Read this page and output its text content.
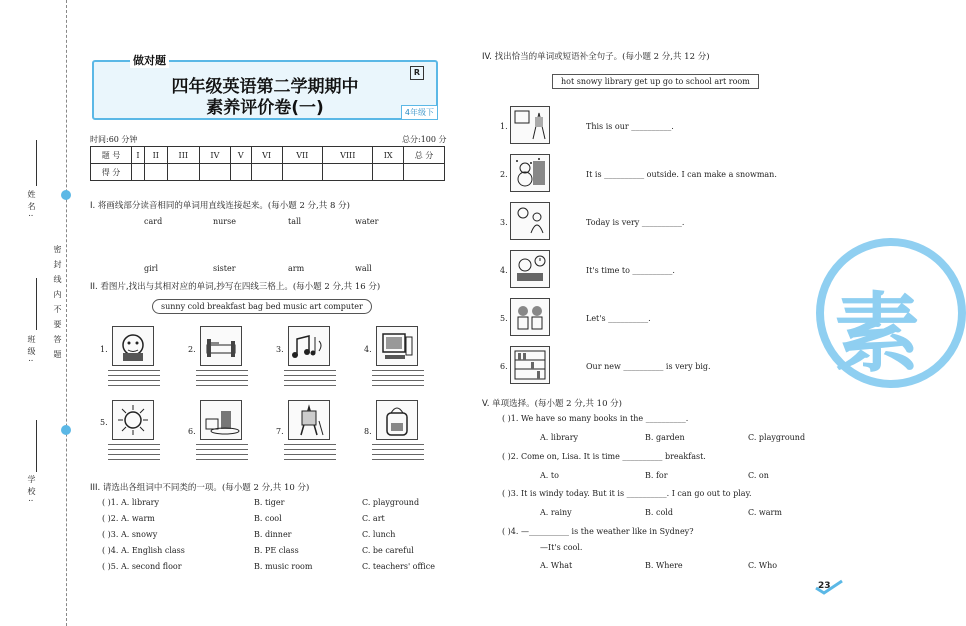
姓名:
班级:
学校:
密封线内不要答题
做对题
四年级英语第二学期期中
素养评价卷(一)
R
4年级下
时间:60 分钟	总分:100 分
题 号	I	II	III	IV	V	VI	VII	VIII	IX	总 分
得 分										
I. 将画线部分读音相同的单词用直线连接起来。(每小题 2 分,共 8 分)
card	nurse	tall	water
girl	sister	arm	wall
II. 看图片,找出与其相对应的单词,抄写在四线三格上。(每小题 2 分,共 16 分)
sunny cold breakfast bag bed music art computer
1.	2.	3.	4.
5.
6.	7.	8.
III. 请选出各组词中不同类的一项。(每小题 2 分,共 10 分)
( )1. A. library	B. tiger	C. playground
( )2. A. warm	B. cool	C. art
( )3. A. snowy	B. dinner	C. lunch
( )4. A. English class	B. PE class	C. be careful
( )5. A. second floor	B. music room	C. teachers' office
素
IV. 找出恰当的单词或短语补全句子。(每小题 2 分,共 12 分)
hot snowy library get up go to school art room
1.	This is our __________.
2.	It is __________ outside. I can make a snowman.
3.	Today is very __________.
4.	It's time to __________.
5.	Let's __________.
6.	Our new __________ is very big.
V. 单项选择。(每小题 2 分,共 10 分)
( )1. We have so many books in the __________.
A. library	B. garden	C. playground
( )2. Come on, Lisa. It is time __________ breakfast.
A. to	B. for	C. on
( )3. It is windy today. But it is __________. I can go out to play.
A. rainy	B. cold	C. warm
( )4. —__________ is the weather like in Sydney?
—It's cool.
A. What	B. Where	C. Who
23
